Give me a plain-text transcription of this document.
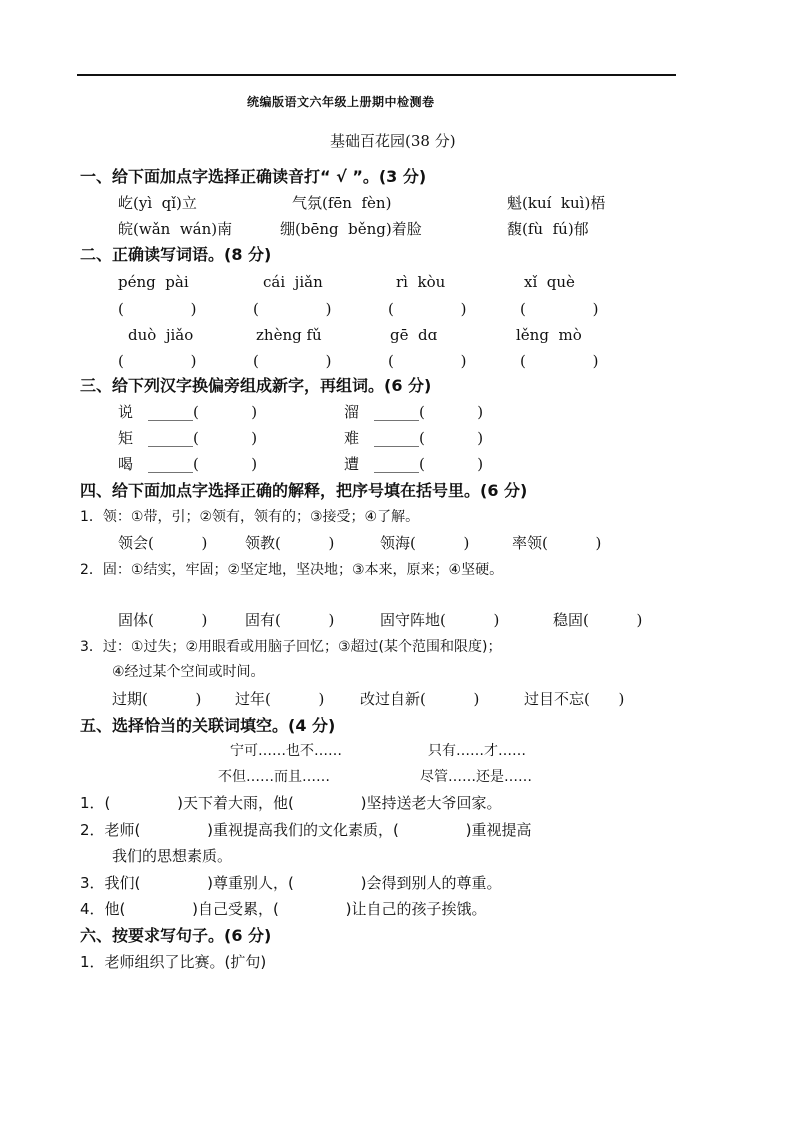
统编版语文六年级上册期中检测卷
基础百花园(38 分)
一、给下面加点字选择正确读音打“ √ ”。(3 分)
屹(yì  qǐ)立	气氛(fēn  fèn)	魁(kuí  kuì)梧
皖(wǎn  wán)南	绷(bēng  běng)着脸	馥(fù  fú)郁
二、正确读写词语。(8 分)
péng  pài	cái  jiǎn	rì  kòu	xǐ  què
(              )	(              )	(              )	(              )
duò  jiǎo	zhèng fǔ	gē  dɑ	lěng  mò
(              )	(              )	(              )	(              )
三、给下列汉字换偏旁组成新字，再组词。(6 分)
说 ______(           )	溜 ______(           )
矩 ______(           )	难 ______(           )
喝 ______(           )	遭 ______(           )
四、给下面加点字选择正确的解释，把序号填在括号里。(6 分)
1．领：①带，引；②领有，领有的；③接受；④了解。
领会(          )	领教(          )	领海(          )	率领(          )
2．固：①结实，牢固；②坚定地，坚决地；③本来，原来；④坚硬。
固体(          )	固有(          )	固守阵地(          )	稳固(          )
3．过：①过失；②用眼看或用脑子回忆；③超过(某个范围和限度)；
④经过某个空间或时间。
过期(          ) 过年(          ) 改过自新(          )	过目不忘(      )
五、选择恰当的关联词填空。(4 分)
宁可……也不……	只有……才……
不但……而且……	尽管……还是……
1．(              )天下着大雨，他(              )坚持送老大爷回家。
2．老师(              )重视提高我们的文化素质，(              )重视提高
我们的思想素质。
3．我们(              )尊重别人，(              )会得到别人的尊重。
4．他(              )自己受累，(              )让自己的孩子挨饿。
六、按要求写句子。(6 分)
1．老师组织了比赛。(扩句)
